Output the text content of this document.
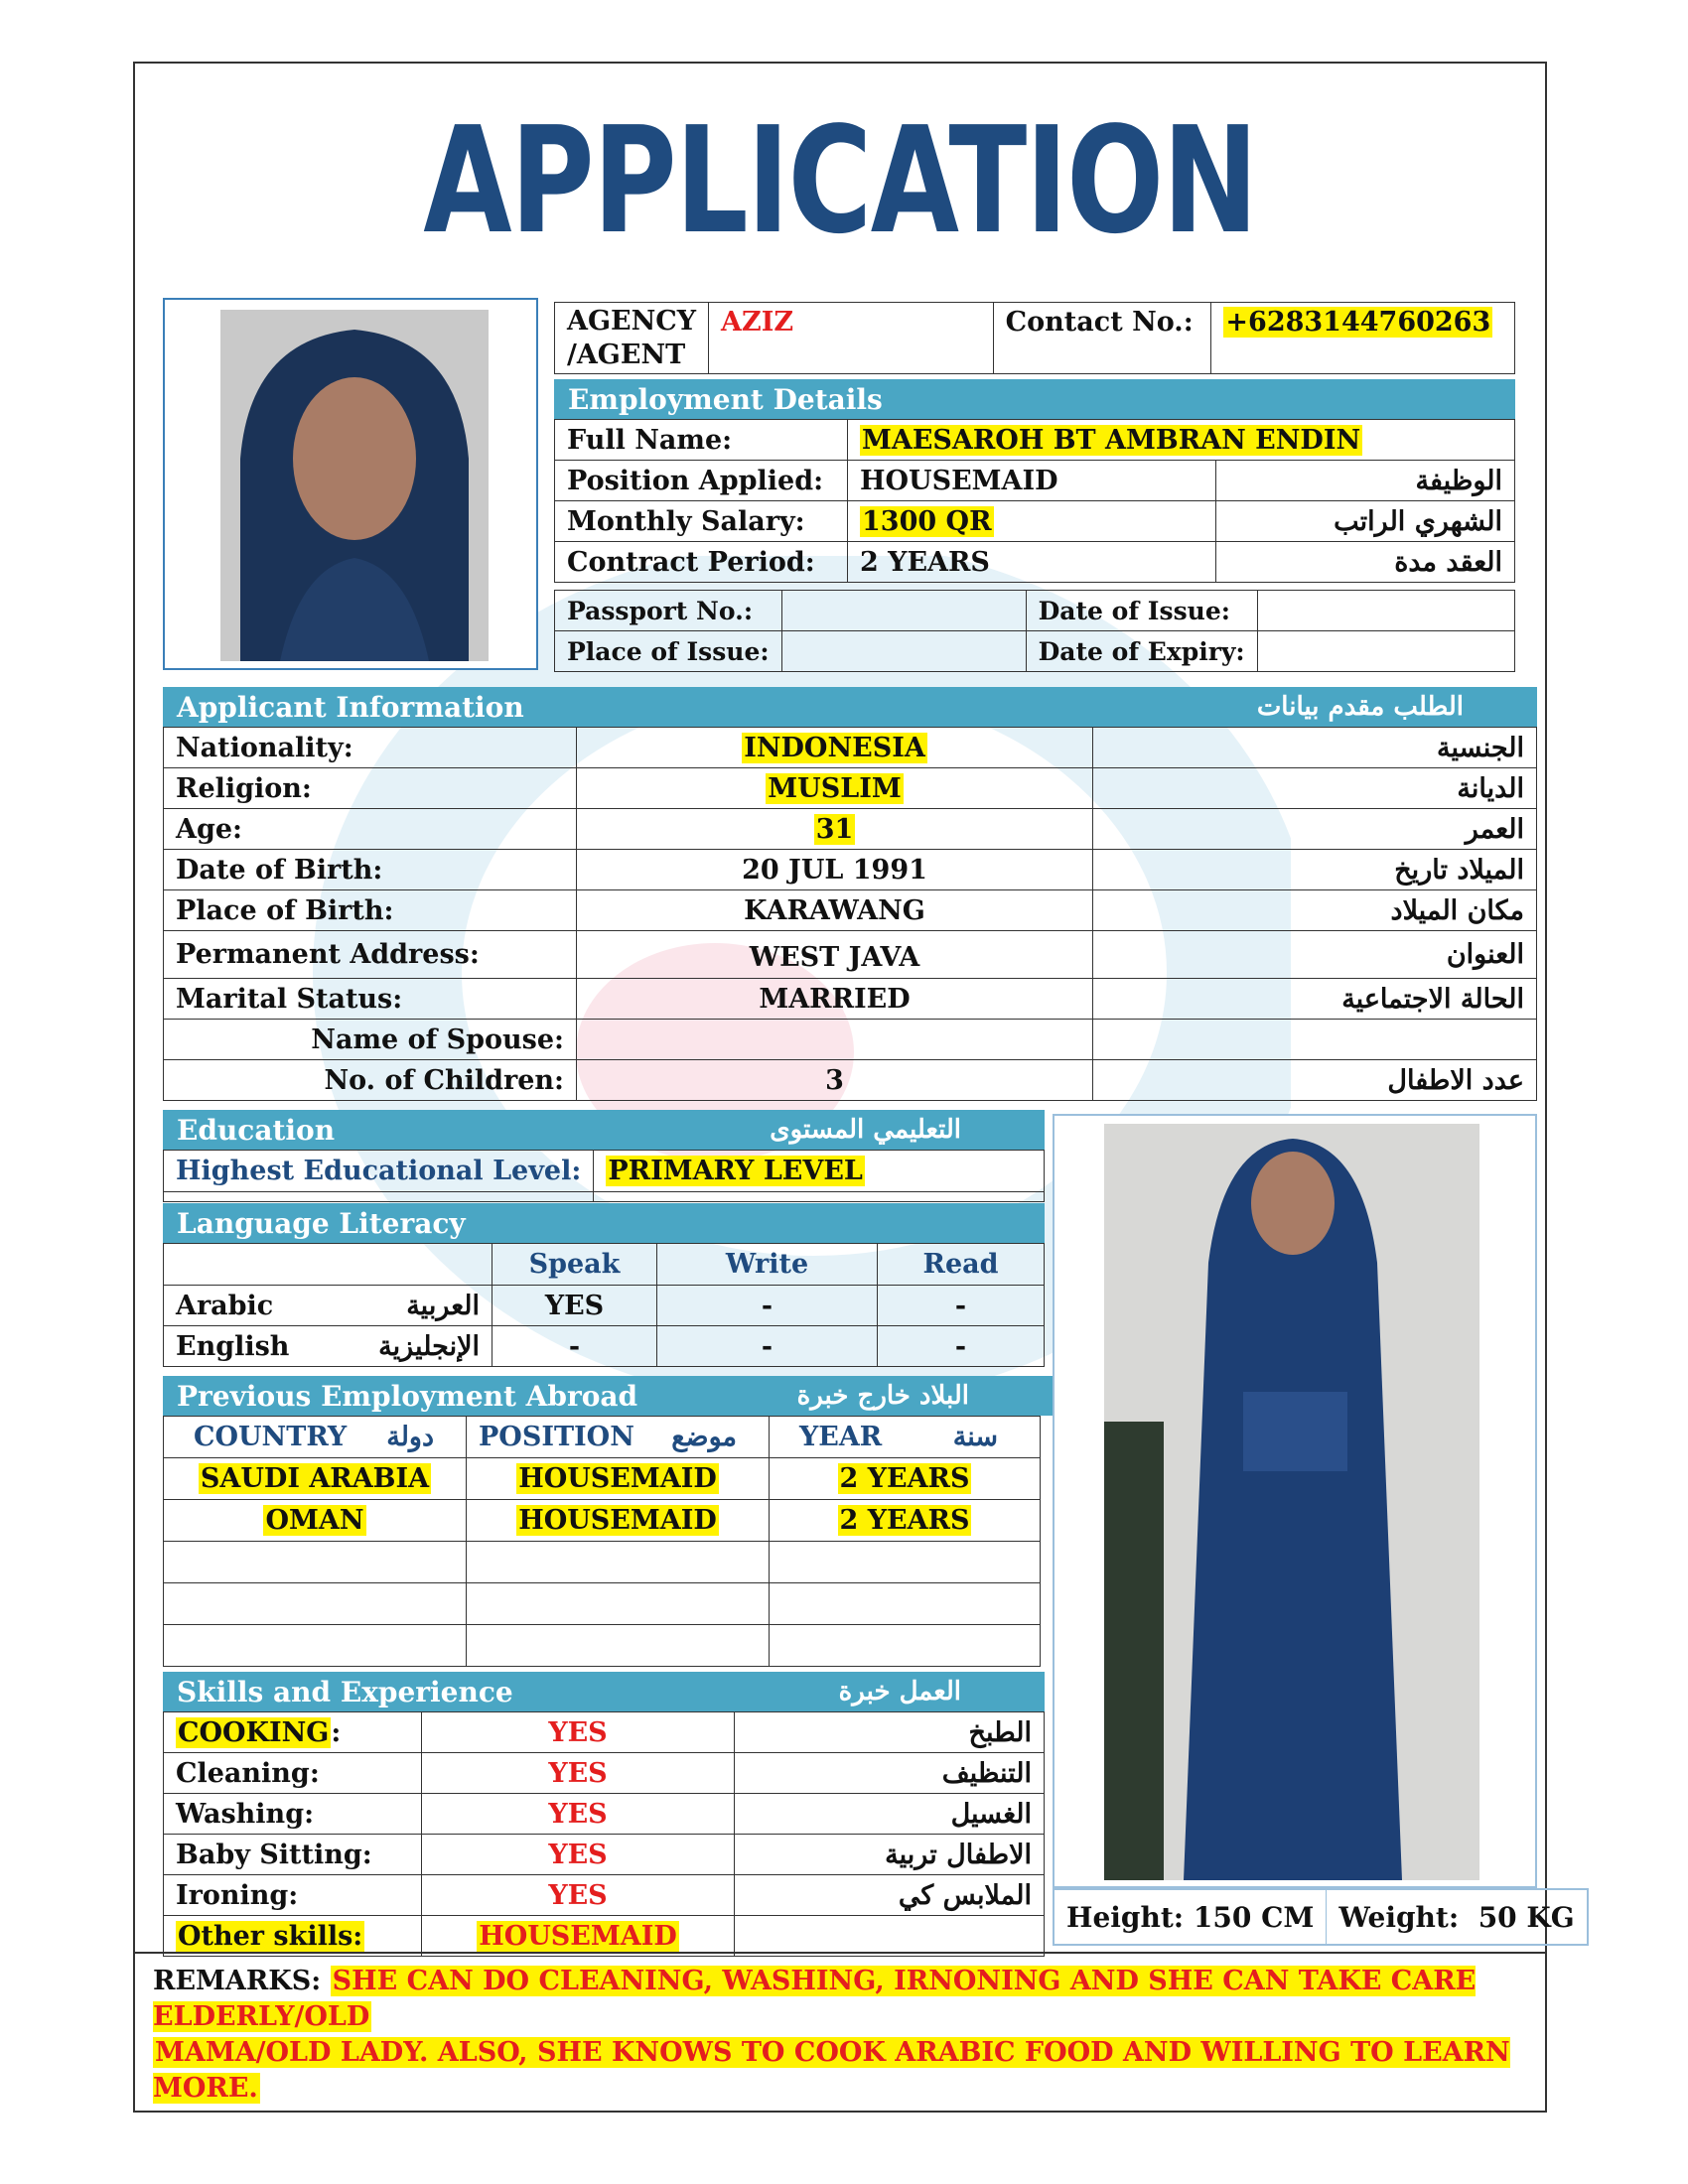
APPLICATION
AGENCY /AGENT	AZIZ	Contact No.:	+6283144760263
Employment Details
Full Name:	MAESAROH BT AMBRAN ENDIN	
Position Applied:	HOUSEMAID	الوظيفة
Monthly Salary:	1300 QR	الشهري الراتب
Contract Period:	2 YEARS	العقد مدة
Passport No.:		Date of Issue:	
Place of Issue:		Date of Expiry:	
Applicant Information	الطلب مقدم بيانات
Nationality:	INDONESIA	الجنسية
Religion:	MUSLIM	الديانة
Age:	31	العمر
Date of Birth:	20 JUL 1991	الميلاد تاريخ
Place of Birth:	KARAWANG	مكان الميلاد
Permanent Address:	WEST JAVA	العنوان
Marital Status:	MARRIED	الحالة الاجتماعية
Name of Spouse:		
No. of Children:	3	عدد الاطفال
Education	التعليمي المستوى
Highest Educational Level:	PRIMARY LEVEL

Language Literacy
	Speak	Write	Read
Arabic العربية	YES	-	-
English الإنجليزية	-	-	-
Previous Employment Abroad	البلاد خارج خبرة
COUNTRY دولة	POSITION موضع	YEAR سنة

SAUDI ARABIA	HOUSEMAID	2 YEARS
OMAN	HOUSEMAID	2 YEARS

Skills and Experience	العمل خبرة
COOKING:	YES	الطبخ
Cleaning:	YES	التنظيف
Washing:	YES	الغسيل
Baby Sitting:	YES	الاطفال تربية
Ironing:	YES	الملابس كي
Other skills:	HOUSEMAID	
Height: 150 CM	Weight: 50 KG
REMARKS: SHE CAN DO CLEANING, WASHING, IRNONING AND SHE CAN TAKE CARE ELDERLY/OLD
MAMA/OLD LADY. ALSO, SHE KNOWS TO COOK ARABIC FOOD AND WILLING TO LEARN MORE.
